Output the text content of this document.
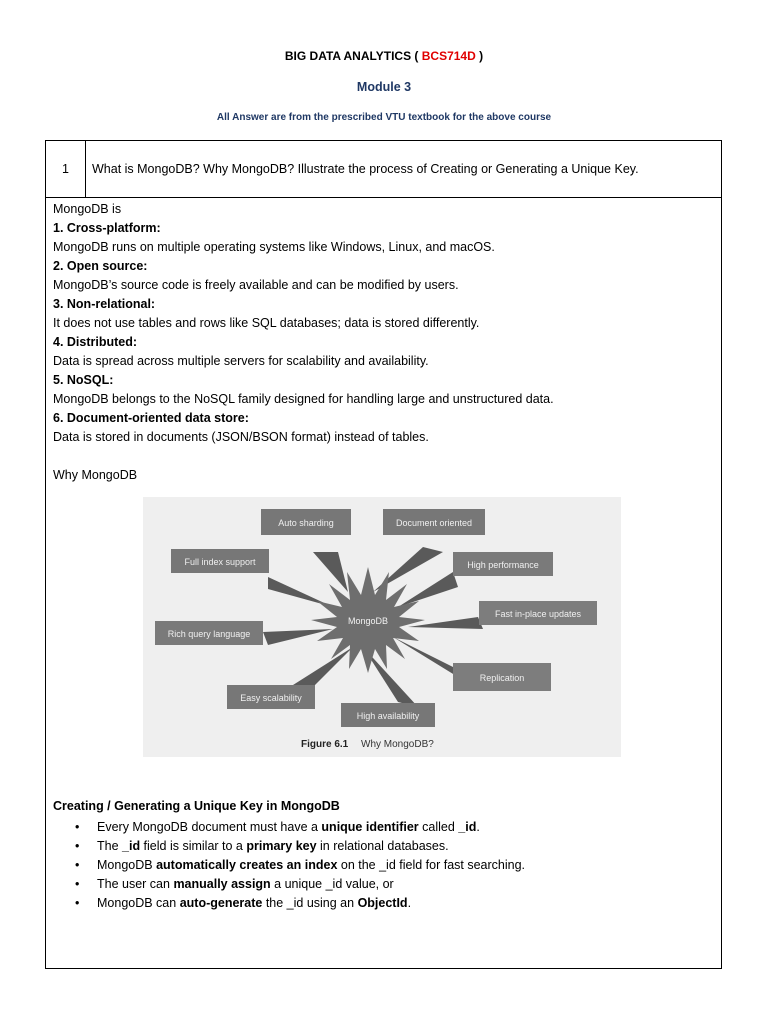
BIG DATA ANALYTICS ( BCS714D )
Module 3
All Answer are from the prescribed VTU textbook for the above course
1	What is MongoDB? Why MongoDB? Illustrate the process of Creating or Generating a Unique Key.
MongoDB is
1. Cross-platform:
MongoDB runs on multiple operating systems like Windows, Linux, and macOS.
2. Open source:
MongoDB’s source code is freely available and can be modified by users.
3. Non-relational:
It does not use tables and rows like SQL databases; data is stored differently.
4. Distributed:
Data is spread across multiple servers for scalability and availability.
5. NoSQL:
MongoDB belongs to the NoSQL family designed for handling large and unstructured data.
6. Document-oriented data store:
Data is stored in documents (JSON/BSON format) instead of tables.
Why MongoDB
MongoDB
Auto sharding	Document oriented
Full index support	High performance
Fast in-place updates
Rich query language
Replication
Easy scalability
High availability
Figure 6.1 Why MongoDB?
Creating / Generating a Unique Key in MongoDB
• Every MongoDB document must have a unique identifier called _id.
• The _id field is similar to a primary key in relational databases.
• MongoDB automatically creates an index on the _id field for fast searching.
• The user can manually assign a unique _id value, or
• MongoDB can auto-generate the _id using an ObjectId.
